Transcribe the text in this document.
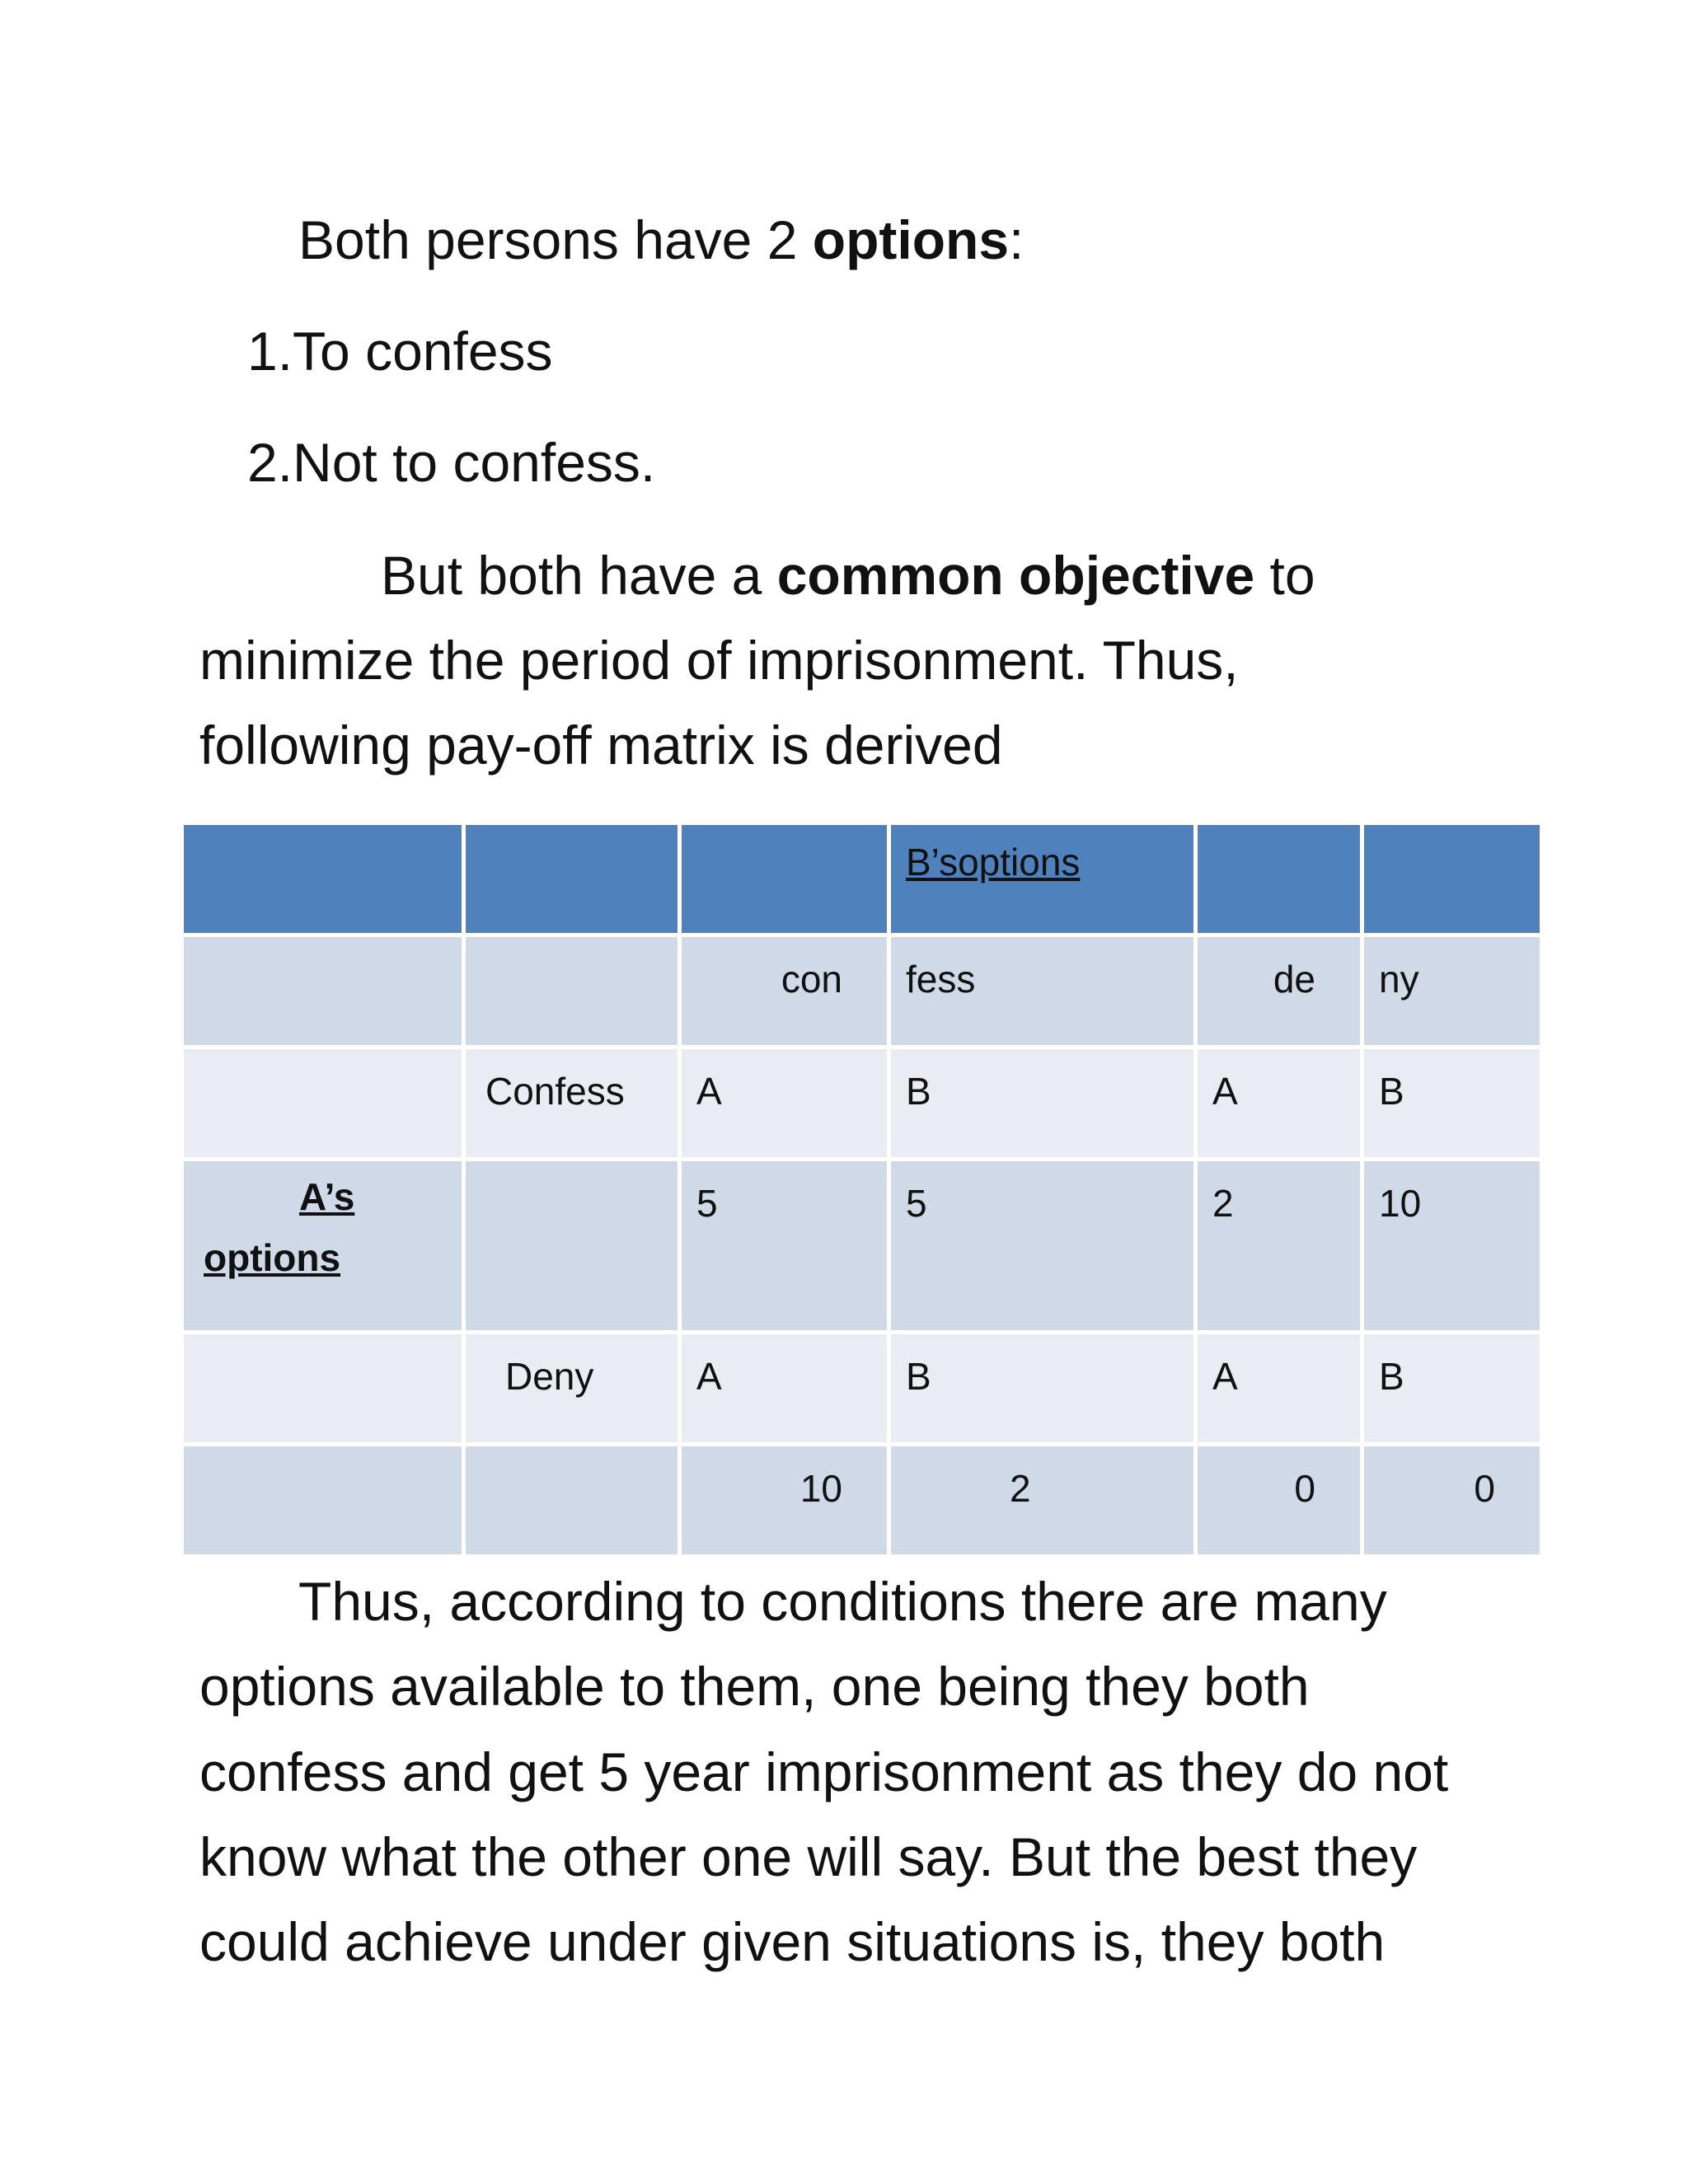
Both persons have 2 options:
1.To confess
2.Not to confess.
But both have a common objective to
minimize the period of imprisonment. Thus,
following pay-off matrix is derived
			B’soptions		
		con	fess	de	ny
	Confess	A	B	A	B

A’s
options		5	5	2	10
	Deny	A	B	A	B
		10	2	0	0
Thus, according to conditions there are many
options available to them, one being they both
confess and get 5 year imprisonment as they do not
know what the other one will say. But the best they
could achieve under given situations is, they both
